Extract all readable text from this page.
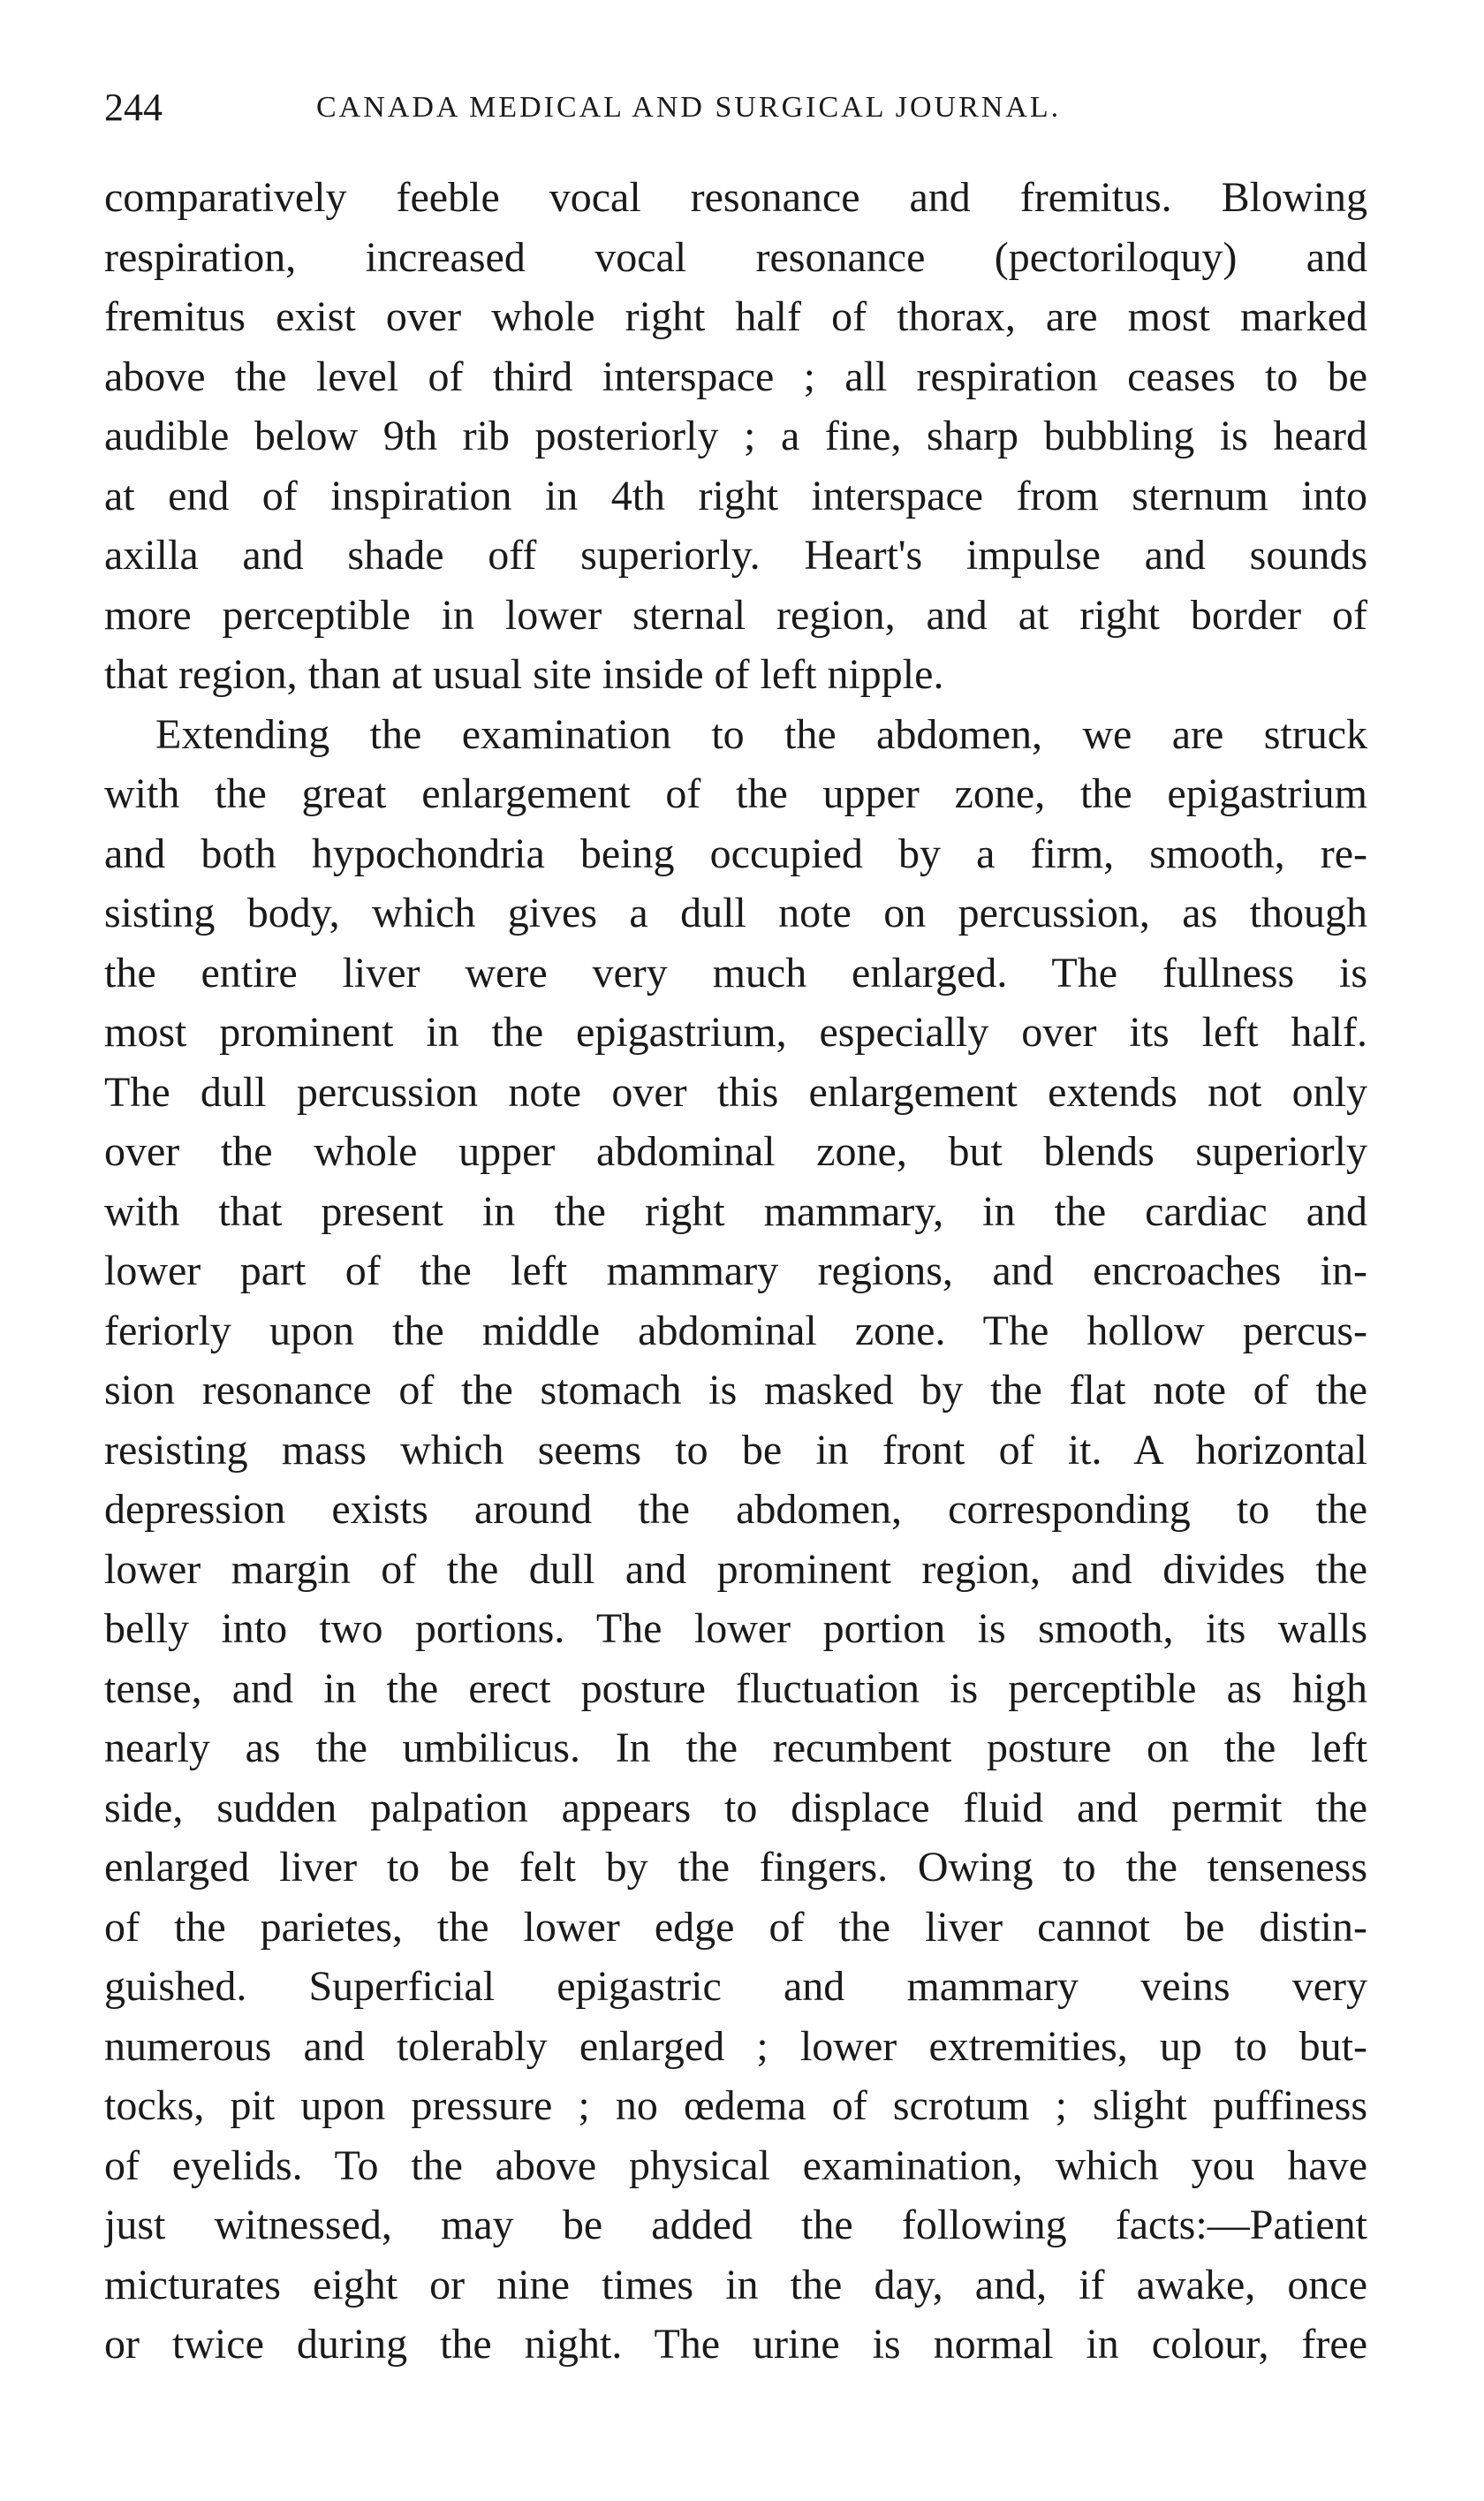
244	CANADA MEDICAL AND SURGICAL JOURNAL.
comparatively feeble vocal resonance and fremitus. Blowing
respiration, increased vocal resonance (pectoriloquy) and
fremitus exist over whole right half of thorax, are most marked
above the level of third interspace ; all respiration ceases to be
audible below 9th rib posteriorly ; a fine, sharp bubbling is heard
at end of inspiration in 4th right interspace from sternum into
axilla and shade off superiorly. Heart's impulse and sounds
more perceptible in lower sternal region, and at right border of
that region, than at usual site inside of left nipple.
Extending the examination to the abdomen, we are struck
with the great enlargement of the upper zone, the epigastrium
and both hypochondria being occupied by a firm, smooth, re-
sisting body, which gives a dull note on percussion, as though
the entire liver were very much enlarged. The fullness is
most prominent in the epigastrium, especially over its left half.
The dull percussion note over this enlargement extends not only
over the whole upper abdominal zone, but blends superiorly
with that present in the right mammary, in the cardiac and
lower part of the left mammary regions, and encroaches in-
feriorly upon the middle abdominal zone. The hollow percus-
sion resonance of the stomach is masked by the flat note of the
resisting mass which seems to be in front of it. A horizontal
depression exists around the abdomen, corresponding to the
lower margin of the dull and prominent region, and divides the
belly into two portions. The lower portion is smooth, its walls
tense, and in the erect posture fluctuation is perceptible as high
nearly as the umbilicus. In the recumbent posture on the left
side, sudden palpation appears to displace fluid and permit the
enlarged liver to be felt by the fingers. Owing to the tenseness
of the parietes, the lower edge of the liver cannot be distin-
guished. Superficial epigastric and mammary veins very
numerous and tolerably enlarged ; lower extremities, up to but-
tocks, pit upon pressure ; no œdema of scrotum ; slight puffiness
of eyelids. To the above physical examination, which you have
just witnessed, may be added the following facts:—Patient
micturates eight or nine times in the day, and, if awake, once
or twice during the night. The urine is normal in colour, free
